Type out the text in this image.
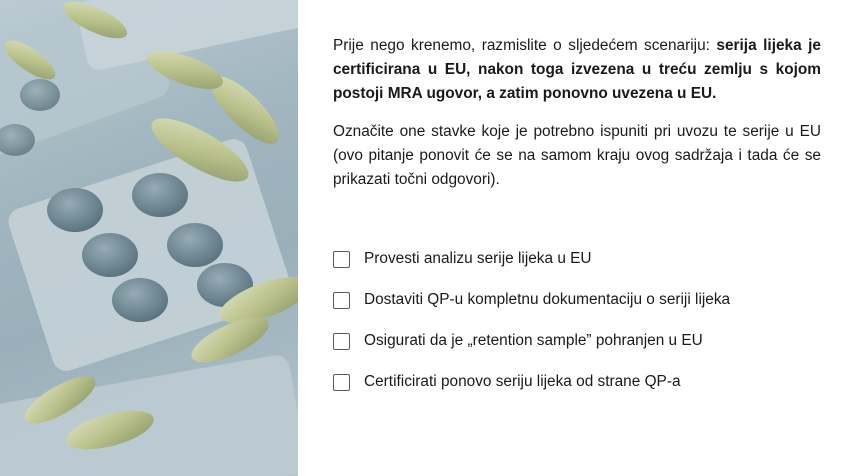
Prije nego krenemo, razmislite o sljedećem scenariju: serija lijeka je certificirana u EU, nakon toga izvezena u treću zemlju s kojom postoji MRA ugovor, a zatim ponovno uvezena u EU.

Označite one stavke koje je potrebno ispuniti pri uvozu te serije u EU (ovo pitanje ponovit će se na samom kraju ovog sadržaja i tada će se prikazati točni odgovori).

Provesti analizu serije lijeka u EU
Dostaviti QP-u kompletnu dokumentaciju o seriji lijeka
Osigurati da je „retention sample” pohranjen u EU
Certificirati ponovo seriju lijeka od strane QP-a
